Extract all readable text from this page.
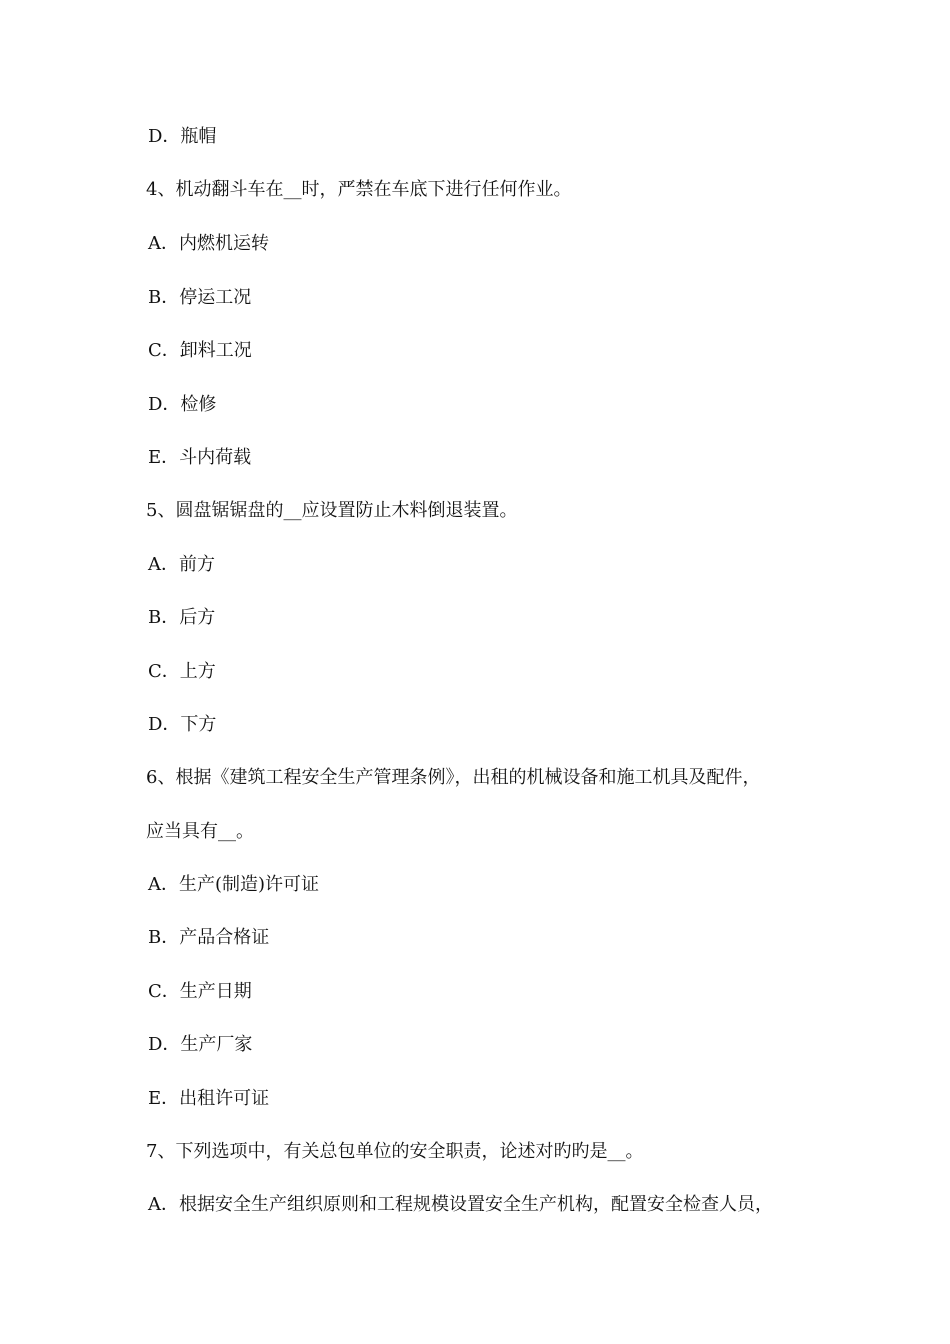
D．瓶帽
4、机动翻斗车在__时，严禁在车底下进行任何作业。
A．内燃机运转
B．停运工况
C．卸料工况
D．检修
E．斗内荷载
5、圆盘锯锯盘的__应设置防止木料倒退装置。
A．前方
B．后方
C．上方
D．下方
6、根据《建筑工程安全生产管理条例》，出租的机械设备和施工机具及配件，
应当具有__。
A．生产(制造)许可证
B．产品合格证
C．生产日期
D．生产厂家
E．出租许可证
7、下列选项中，有关总包单位的安全职责，论述对旳旳是__。
A．根据安全生产组织原则和工程规模设置安全生产机构，配置安全检查人员，
